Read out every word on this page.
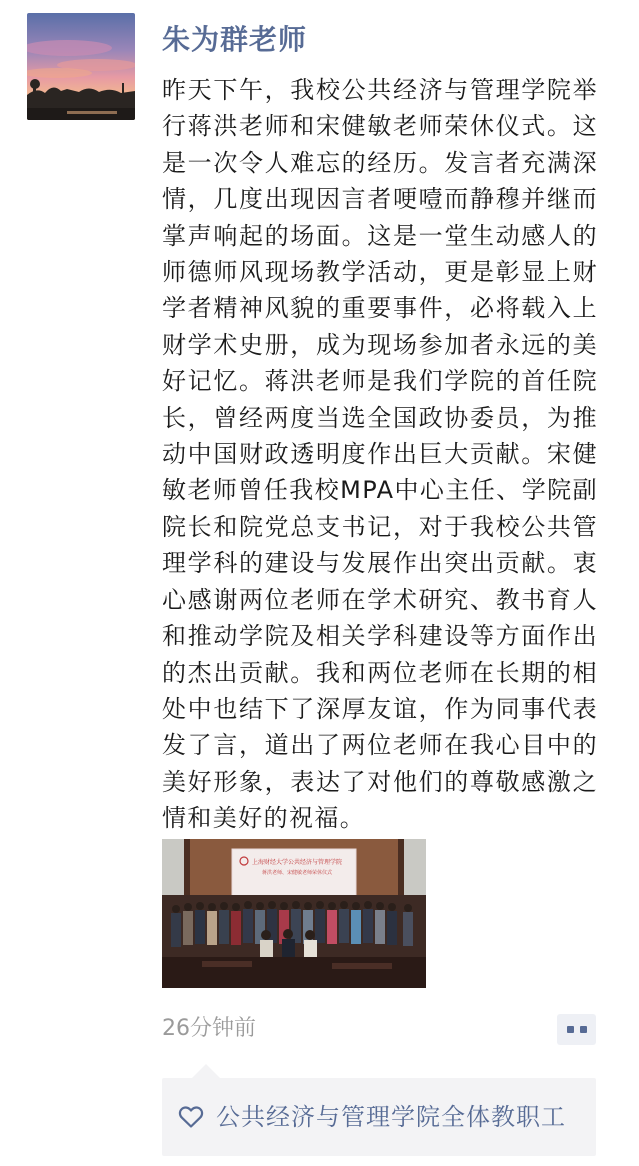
朱为群老师
昨天下午，我校公共经济与管理学院举行蒋洪老师和宋健敏老师荣休仪式。这是一次令人难忘的经历。发言者充满深情，几度出现因言者哽噎而静穆并继而掌声响起的场面。这是一堂生动感人的师德师风现场教学活动，更是彰显上财学者精神风貌的重要事件，必将载入上财学术史册，成为现场参加者永远的美好记忆。蒋洪老师是我们学院的首任院长，曾经两度当选全国政协委员，为推动中国财政透明度作出巨大贡献。宋健敏老师曾任我校MPA中心主任、学院副院长和院党总支书记，对于我校公共管理学科的建设与发展作出突出贡献。衷心感谢两位老师在学术研究、教书育人和推动学院及相关学科建设等方面作出的杰出贡献。我和两位老师在长期的相处中也结下了深厚友谊，作为同事代表发了言，道出了两位老师在我心目中的美好形象，表达了对他们的尊敬感激之情和美好的祝福。
上海财经大学公共经济与管理学院
蒋洪老师、宋健敏老师荣休仪式
26分钟前
公共经济与管理学院全体教职工
